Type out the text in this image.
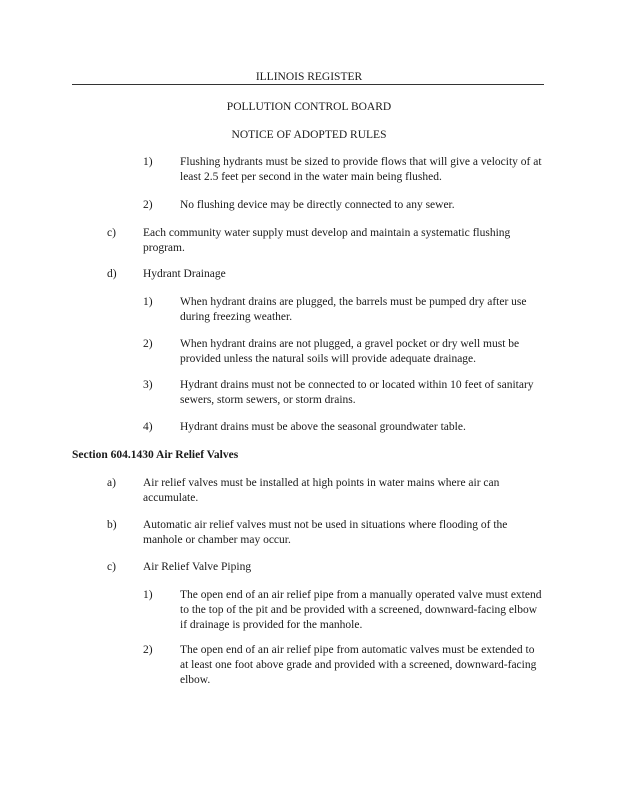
ILLINOIS REGISTER
POLLUTION CONTROL BOARD
NOTICE OF ADOPTED RULES
1) Flushing hydrants must be sized to provide flows that will give a velocity of at least 2.5 feet per second in the water main being flushed.
2) No flushing device may be directly connected to any sewer.
c) Each community water supply must develop and maintain a systematic flushing program.
d) Hydrant Drainage
1) When hydrant drains are plugged, the barrels must be pumped dry after use during freezing weather.
2) When hydrant drains are not plugged, a gravel pocket or dry well must be provided unless the natural soils will provide adequate drainage.
3) Hydrant drains must not be connected to or located within 10 feet of sanitary sewers, storm sewers, or storm drains.
4) Hydrant drains must be above the seasonal groundwater table.
Section 604.1430 Air Relief Valves
a) Air relief valves must be installed at high points in water mains where air can accumulate.
b) Automatic air relief valves must not be used in situations where flooding of the manhole or chamber may occur.
c) Air Relief Valve Piping
1) The open end of an air relief pipe from a manually operated valve must extend to the top of the pit and be provided with a screened, downward-facing elbow if drainage is provided for the manhole.
2) The open end of an air relief pipe from automatic valves must be extended to at least one foot above grade and provided with a screened, downward-facing elbow.
